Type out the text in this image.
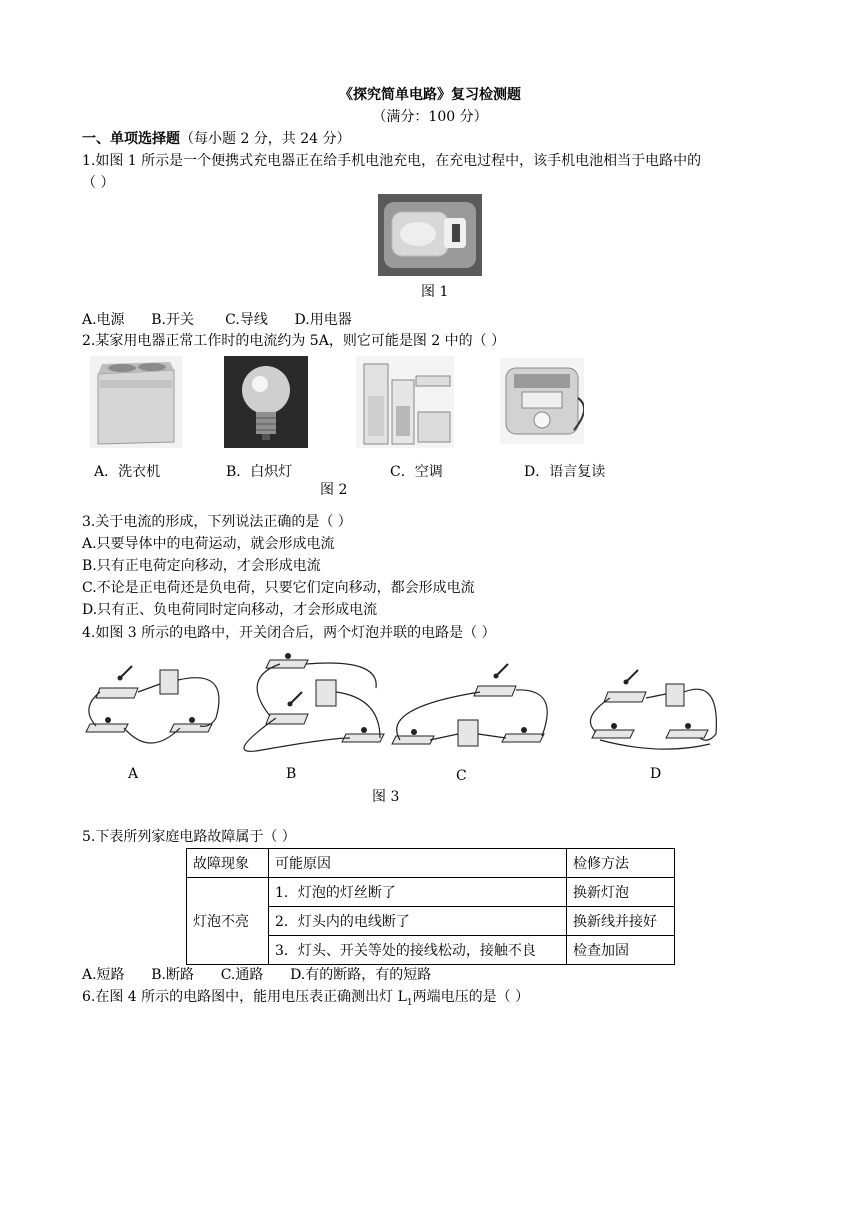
《探究简单电路》复习检测题
（满分：100 分）
一、单项选择题（每小题 2 分，共 24 分）
1.如图 1 所示是一个便携式充电器正在给手机电池充电，在充电过程中，该手机电池相当于电路中的
（ ）
图 1
A.电源      B.开关       C.导线      D.用电器
2.某家用电器正常工作时的电流约为 5A，则它可能是图 2 中的（ ）
A．洗衣机	B．白炽灯	C．空调	D．语言复读
图 2
3.关于电流的形成，下列说法正确的是（ ）
A.只要导体中的电荷运动，就会形成电流
B.只有正电荷定向移动，才会形成电流
C.不论是正电荷还是负电荷，只要它们定向移动，都会形成电流
D.只有正、负电荷同时定向移动，才会形成电流
4.如图 3 所示的电路中，开关闭合后，两个灯泡并联的电路是（ ）
A	B	C	D
图 3
5.下表所列家庭电路故障属于（ ）
故障现象	可能原因	检修方法
灯泡不亮	1．灯泡的灯丝断了	换新灯泡
	2．灯头内的电线断了	换新线并接好
	3．灯头、开关等处的接线松动，接触不良	检查加固
A.短路      B.断路      C.通路      D.有的断路，有的短路
6.在图 4 所示的电路图中，能用电压表正确测出灯 $L_1$两端电压的是（ ）
